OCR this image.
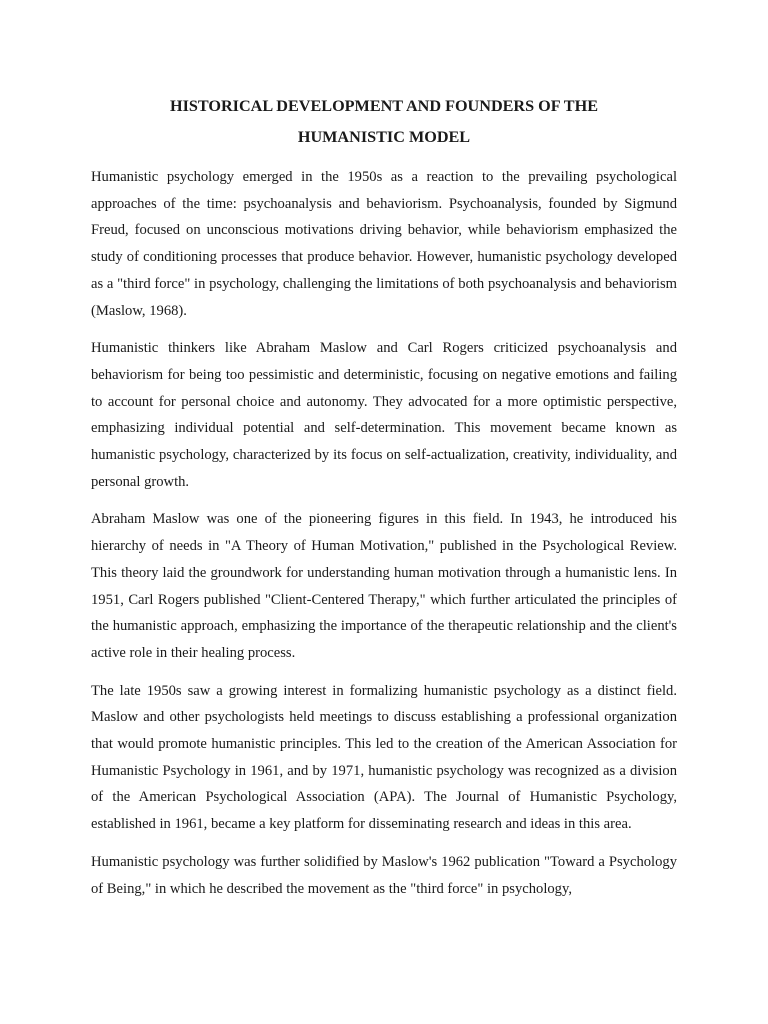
HISTORICAL DEVELOPMENT AND FOUNDERS OF THE
HUMANISTIC MODEL

Humanistic psychology emerged in the 1950s as a reaction to the prevailing psychological approaches of the time: psychoanalysis and behaviorism. Psychoanalysis, founded by Sigmund Freud, focused on unconscious motivations driving behavior, while behaviorism emphasized the study of conditioning processes that produce behavior. However, humanistic psychology developed as a "third force" in psychology, challenging the limitations of both psychoanalysis and behaviorism (Maslow, 1968).

Humanistic thinkers like Abraham Maslow and Carl Rogers criticized psychoanalysis and behaviorism for being too pessimistic and deterministic, focusing on negative emotions and failing to account for personal choice and autonomy. They advocated for a more optimistic perspective, emphasizing individual potential and self-determination. This movement became known as humanistic psychology, characterized by its focus on self-actualization, creativity, individuality, and personal growth.

Abraham Maslow was one of the pioneering figures in this field. In 1943, he introduced his hierarchy of needs in "A Theory of Human Motivation," published in the Psychological Review. This theory laid the groundwork for understanding human motivation through a humanistic lens. In 1951, Carl Rogers published "Client-Centered Therapy," which further articulated the principles of the humanistic approach, emphasizing the importance of the therapeutic relationship and the client's active role in their healing process.

The late 1950s saw a growing interest in formalizing humanistic psychology as a distinct field. Maslow and other psychologists held meetings to discuss establishing a professional organization that would promote humanistic principles. This led to the creation of the American Association for Humanistic Psychology in 1961, and by 1971, humanistic psychology was recognized as a division of the American Psychological Association (APA). The Journal of Humanistic Psychology, established in 1961, became a key platform for disseminating research and ideas in this area.

Humanistic psychology was further solidified by Maslow's 1962 publication "Toward a Psychology of Being," in which he described the movement as the "third force" in psychology,
